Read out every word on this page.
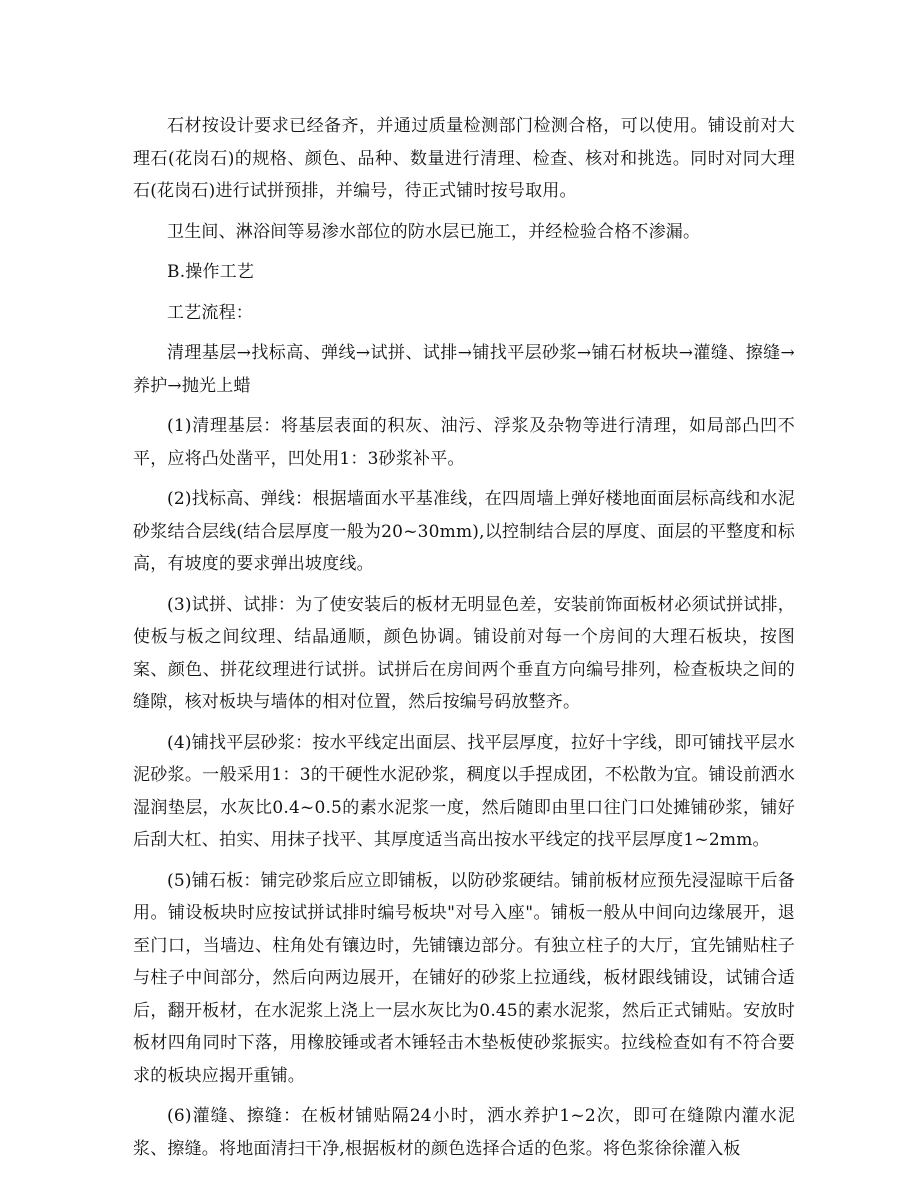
石材按设计要求已经备齐，并通过质量检测部门检测合格，可以使用。铺设前对大理石(花岗石)的规格、颜色、品种、数量进行清理、检查、核对和挑选。同时对同大理石(花岗石)进行试拼预排，并编号，待正式铺时按号取用。

卫生间、淋浴间等易渗水部位的防水层已施工，并经检验合格不渗漏。

B.操作工艺

工艺流程：

清理基层→找标高、弹线→试拼、试排→铺找平层砂浆→铺石材板块→灌缝、擦缝→养护→抛光上蜡

(1)清理基层：将基层表面的积灰、油污、浮浆及杂物等进行清理，如局部凸凹不平，应将凸处凿平，凹处用1：3砂浆补平。

(2)找标高、弹线：根据墙面水平基准线，在四周墙上弹好楼地面面层标高线和水泥砂浆结合层线(结合层厚度一般为20~30mm),以控制结合层的厚度、面层的平整度和标高，有坡度的要求弹出坡度线。

(3)试拼、试排：为了使安装后的板材无明显色差，安装前饰面板材必须试拼试排，使板与板之间纹理、结晶通顺，颜色协调。铺设前对每一个房间的大理石板块，按图案、颜色、拼花纹理进行试拼。试拼后在房间两个垂直方向编号排列，检查板块之间的缝隙，核对板块与墙体的相对位置，然后按编号码放整齐。

(4)铺找平层砂浆：按水平线定出面层、找平层厚度，拉好十字线，即可铺找平层水泥砂浆。一般采用1：3的干硬性水泥砂浆，稠度以手捏成团，不松散为宜。铺设前洒水湿润垫层，水灰比0.4~0.5的素水泥浆一度，然后随即由里口往门口处摊铺砂浆，铺好后刮大杠、拍实、用抹子找平、其厚度适当高出按水平线定的找平层厚度1~2mm。

(5)铺石板：铺完砂浆后应立即铺板，以防砂浆硬结。铺前板材应预先浸湿晾干后备用。铺设板块时应按试拼试排时编号板块"对号入座"。铺板一般从中间向边缘展开，退至门口，当墙边、柱角处有镶边时，先铺镶边部分。有独立柱子的大厅，宜先铺贴柱子与柱子中间部分，然后向两边展开，在铺好的砂浆上拉通线，板材跟线铺设，试铺合适后，翻开板材，在水泥浆上浇上一层水灰比为0.45的素水泥浆，然后正式铺贴。安放时板材四角同时下落，用橡胶锤或者木锤轻击木垫板使砂浆振实。拉线检查如有不符合要求的板块应揭开重铺。

(6)灌缝、擦缝：在板材铺贴隔24小时，洒水养护1~2次，即可在缝隙内灌水泥浆、擦缝。将地面清扫干净,根据板材的颜色选择合适的色浆。将色浆徐徐灌入板
